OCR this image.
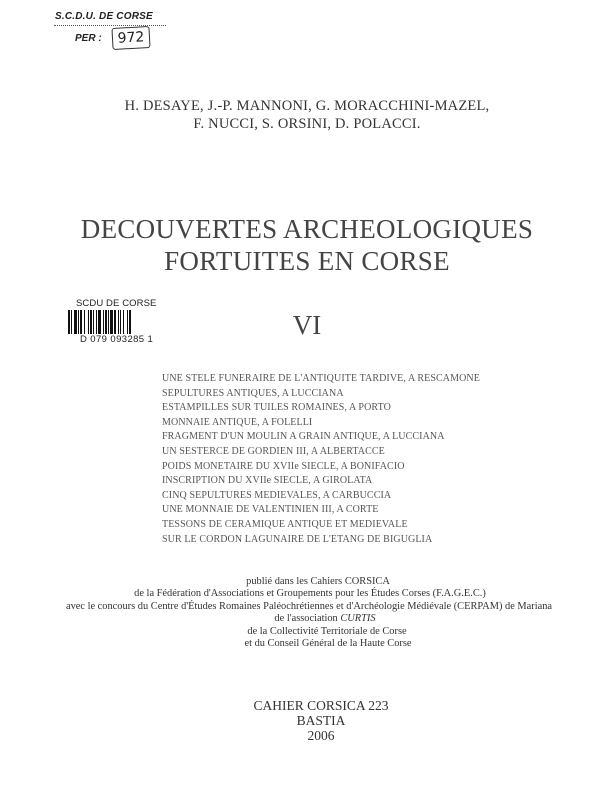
S.C.D.U. DE CORSE
PER :	972
H. DESAYE, J.-P. MANNONI, G. MORACCHINI-MAZEL,
F. NUCCI, S. ORSINI, D. POLACCI.
DECOUVERTES ARCHEOLOGIQUES
FORTUITES EN CORSE
SCDU DE CORSE
D 079 093285 1	VI
UNE STELE FUNERAIRE DE L'ANTIQUITE TARDIVE, A RESCAMONE
SEPULTURES ANTIQUES, A LUCCIANA
ESTAMPILLES SUR TUILES ROMAINES, A PORTO
MONNAIE ANTIQUE, A FOLELLI
FRAGMENT D'UN MOULIN A GRAIN ANTIQUE, A LUCCIANA
UN SESTERCE DE GORDIEN III, A ALBERTACCE
POIDS MONETAIRE DU XVIIe SIECLE, A BONIFACIO
INSCRIPTION DU XVIIe SIECLE, A GIROLATA
CINQ SEPULTURES MEDIEVALES, A CARBUCCIA
UNE MONNAIE DE VALENTINIEN III, A CORTE
TESSONS DE CERAMIQUE ANTIQUE ET MEDIEVALE
SUR LE CORDON LAGUNAIRE DE L'ETANG DE BIGUGLIA
publié dans les Cahiers CORSICA
de la Fédération d'Associations et Groupements pour les Études Corses (F.A.G.E.C.)
avec le concours du Centre d'Études Romaines Paléochrétiennes et d'Archéologie Médiévale (CERPAM) de Mariana
de l'association CURTIS
de la Collectivité Territoriale de Corse
et du Conseil Général de la Haute Corse
CAHIER CORSICA 223
BASTIA
2006
